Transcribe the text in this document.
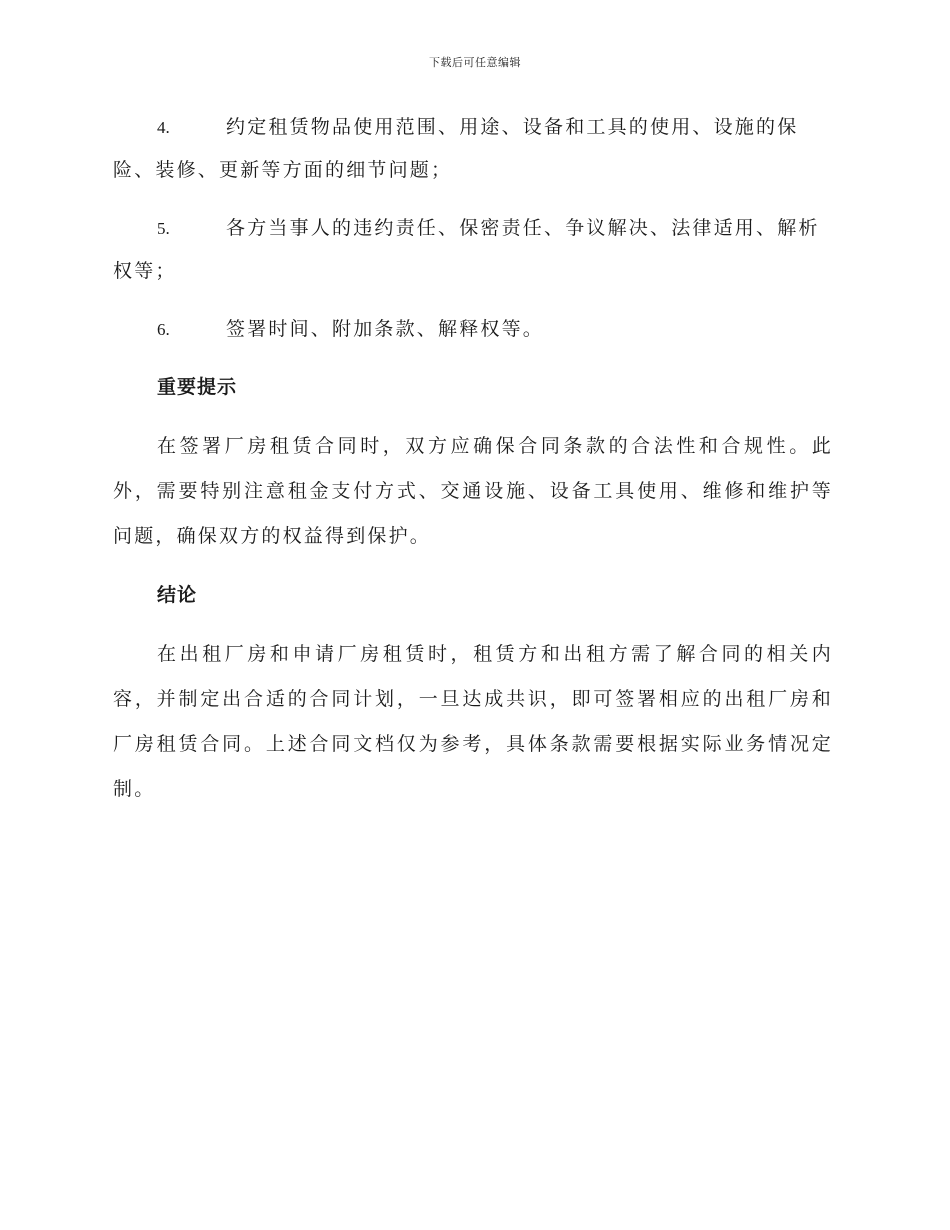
下载后可任意编辑
4.	约定租赁物品使用范围、用途、设备和工具的使用、设施的保险、装修、更新等方面的细节问题；
5.	各方当事人的违约责任、保密责任、争议解决、法律适用、解析权等；
6.	签署时间、附加条款、解释权等。
重要提示
在签署厂房租赁合同时，双方应确保合同条款的合法性和合规性。此外，需要特别注意租金支付方式、交通设施、设备工具使用、维修和维护等问题，确保双方的权益得到保护。
结论
在出租厂房和申请厂房租赁时，租赁方和出租方需了解合同的相关内容，并制定出合适的合同计划，一旦达成共识，即可签署相应的出租厂房和厂房租赁合同。上述合同文档仅为参考，具体条款需要根据实际业务情况定制。
